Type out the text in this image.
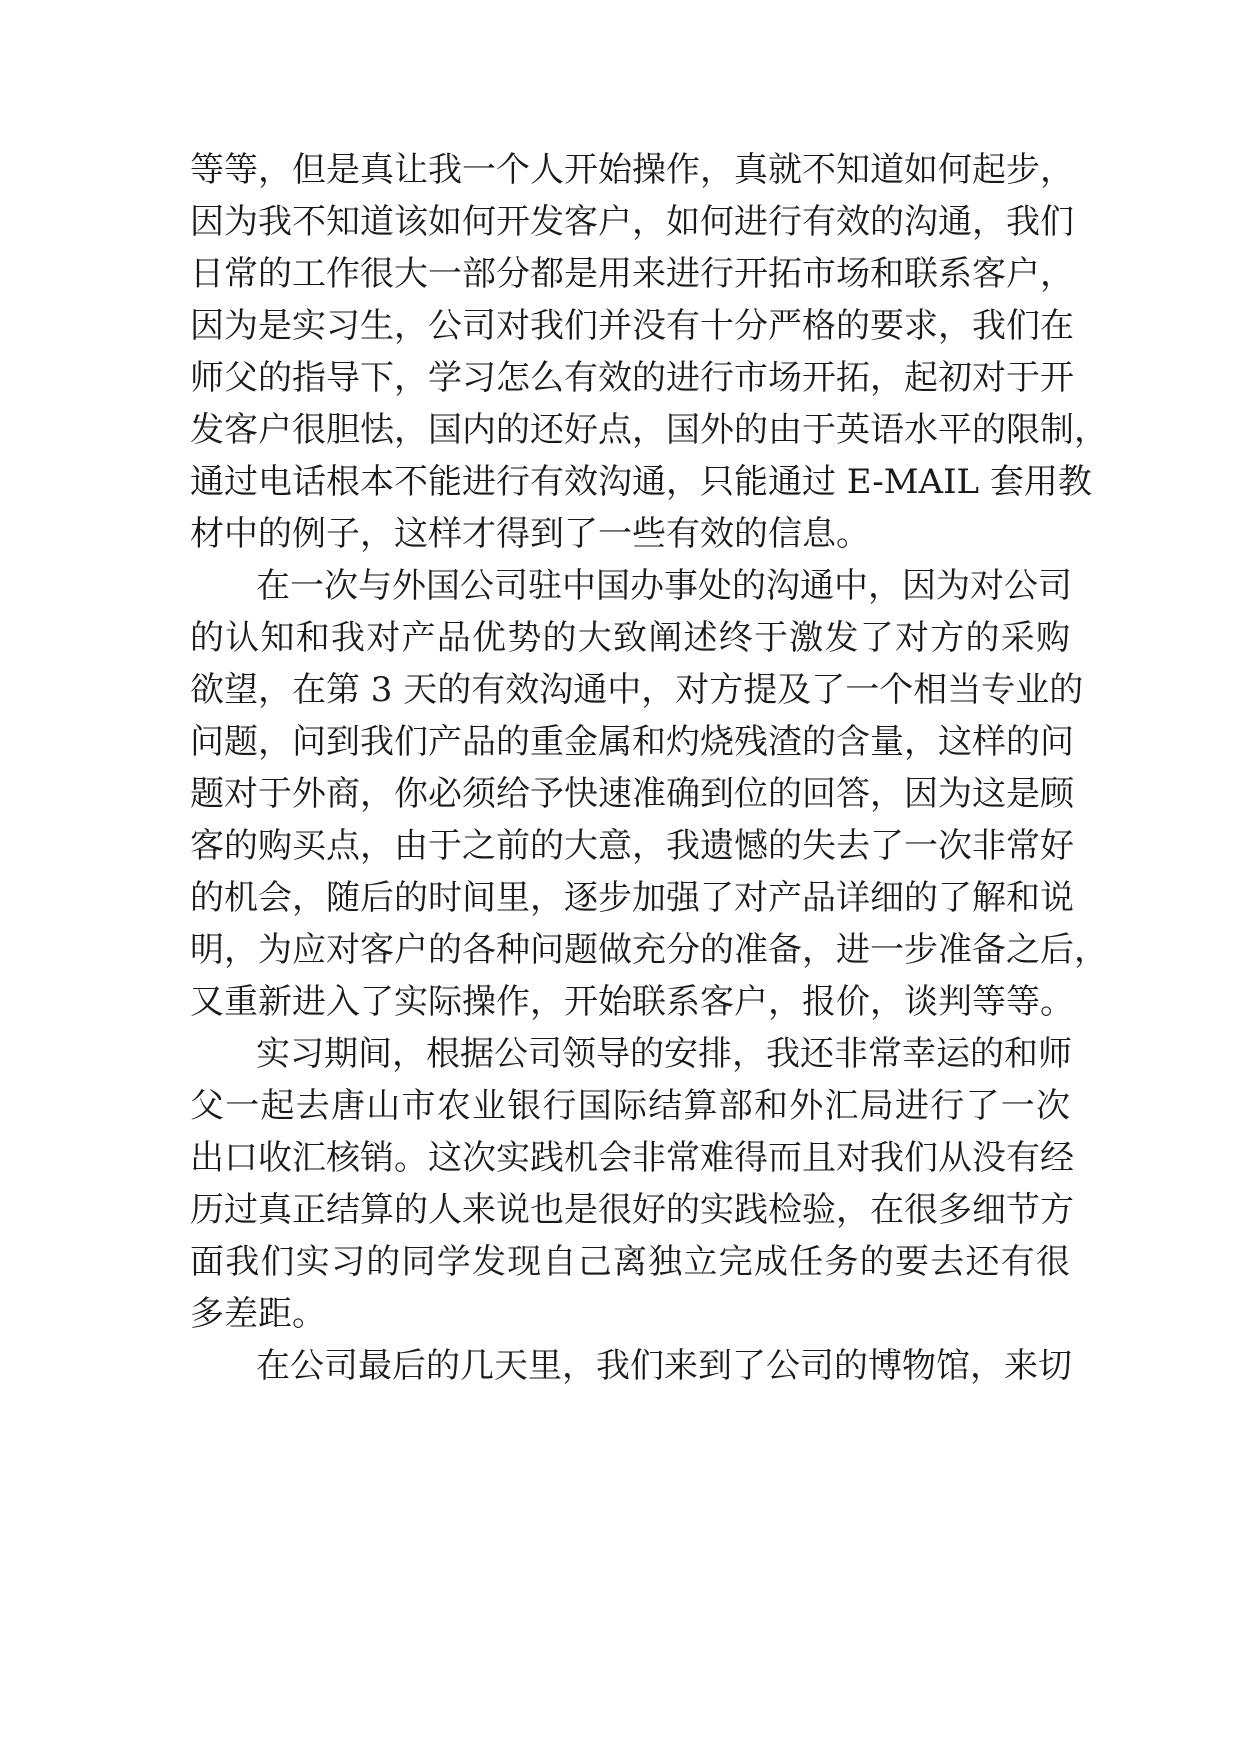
等等，但是真让我一个人开始操作，真就不知道如何起步，
因为我不知道该如何开发客户，如何进行有效的沟通，我们
日常的工作很大一部分都是用来进行开拓市场和联系客户，
因为是实习生，公司对我们并没有十分严格的要求，我们在
师父的指导下，学习怎么有效的进行市场开拓，起初对于开
发客户很胆怯，国内的还好点，国外的由于英语水平的限制，
通过电话根本不能进行有效沟通，只能通过 E-MAIL 套用教
材中的例子，这样才得到了一些有效的信息。
在一次与外国公司驻中国办事处的沟通中，因为对公司
的认知和我对产品优势的大致阐述终于激发了对方的采购
欲望，在第 3 天的有效沟通中，对方提及了一个相当专业的
问题，问到我们产品的重金属和灼烧残渣的含量，这样的问
题对于外商，你必须给予快速准确到位的回答，因为这是顾
客的购买点，由于之前的大意，我遗憾的失去了一次非常好
的机会，随后的时间里，逐步加强了对产品详细的了解和说
明，为应对客户的各种问题做充分的准备，进一步准备之后，
又重新进入了实际操作，开始联系客户，报价，谈判等等。
实习期间，根据公司领导的安排，我还非常幸运的和师
父一起去唐山市农业银行国际结算部和外汇局进行了一次
出口收汇核销。这次实践机会非常难得而且对我们从没有经
历过真正结算的人来说也是很好的实践检验，在很多细节方
面我们实习的同学发现自己离独立完成任务的要去还有很
多差距。
在公司最后的几天里，我们来到了公司的博物馆，来切
